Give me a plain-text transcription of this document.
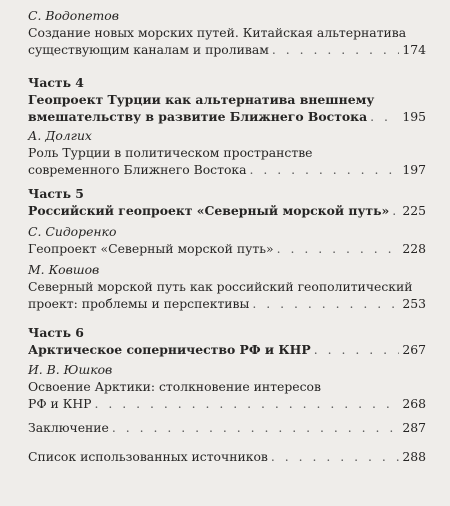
С. Водопетов
Создание новых морских путей. Китайская альтернатива
существующим каналам и проливам . . .	174
Часть 4
Геопроект Турции как альтернатива внешнему
вмешательству в развитие Ближнего Востока . . .	195
А. Долгих
Роль Турции в политическом пространстве
современного Ближнего Востока . . .	197
Часть 5
Российский геопроект «Северный морской путь» . . . 225
С. Сидоренко
Геопроект «Северный морской путь» . . .	228
М. Ковшов
Северный морской путь как российский геополитический
проект: проблемы и перспективы . . .	253
Часть 6
Арктическое соперничество РФ и КНР . . .	267
И. В. Юшков
Освоение Арктики: столкновение интересов
РФ и КНР . . .	268
Заключение . . .	287
Список использованных источников . . .	288
